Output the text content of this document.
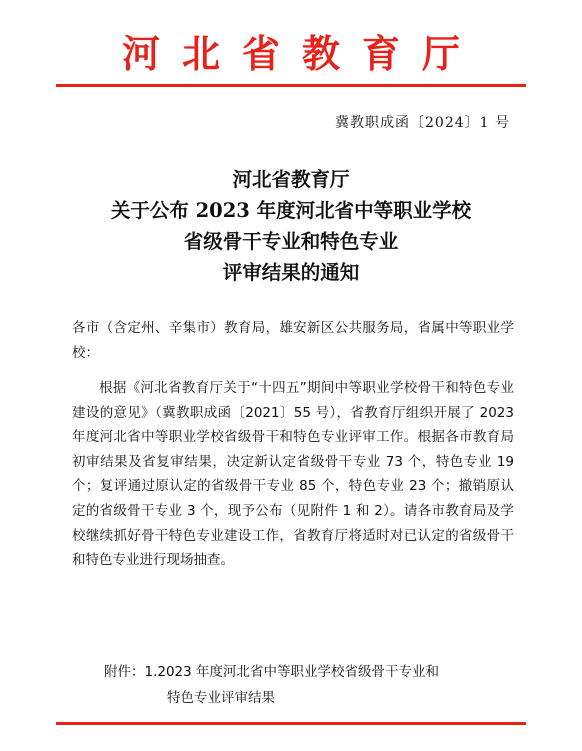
河北省教育厅
冀教职成函〔2024〕1 号
河北省教育厅
关于公布 2023 年度河北省中等职业学校
省级骨干专业和特色专业
评审结果的通知
各市（含定州、辛集市）教育局，雄安新区公共服务局，省属中等职业学校：
根据《河北省教育厅关于“十四五”期间中等职业学校骨干和特色专业建设的意见》（冀教职成函〔2021〕55 号），省教育厅组织开展了 2023 年度河北省中等职业学校省级骨干和特色专业评审工作。根据各市教育局初审结果及省复审结果，决定新认定省级骨干专业 73 个，特色专业 19 个；复评通过原认定的省级骨干专业 85 个，特色专业 23 个；撤销原认定的省级骨干专业 3 个，现予公布（见附件 1 和 2）。请各市教育局及学校继续抓好骨干特色专业建设工作，省教育厅将适时对已认定的省级骨干和特色专业进行现场抽查。
附件：1.2023 年度河北省中等职业学校省级骨干专业和
特色专业评审结果
